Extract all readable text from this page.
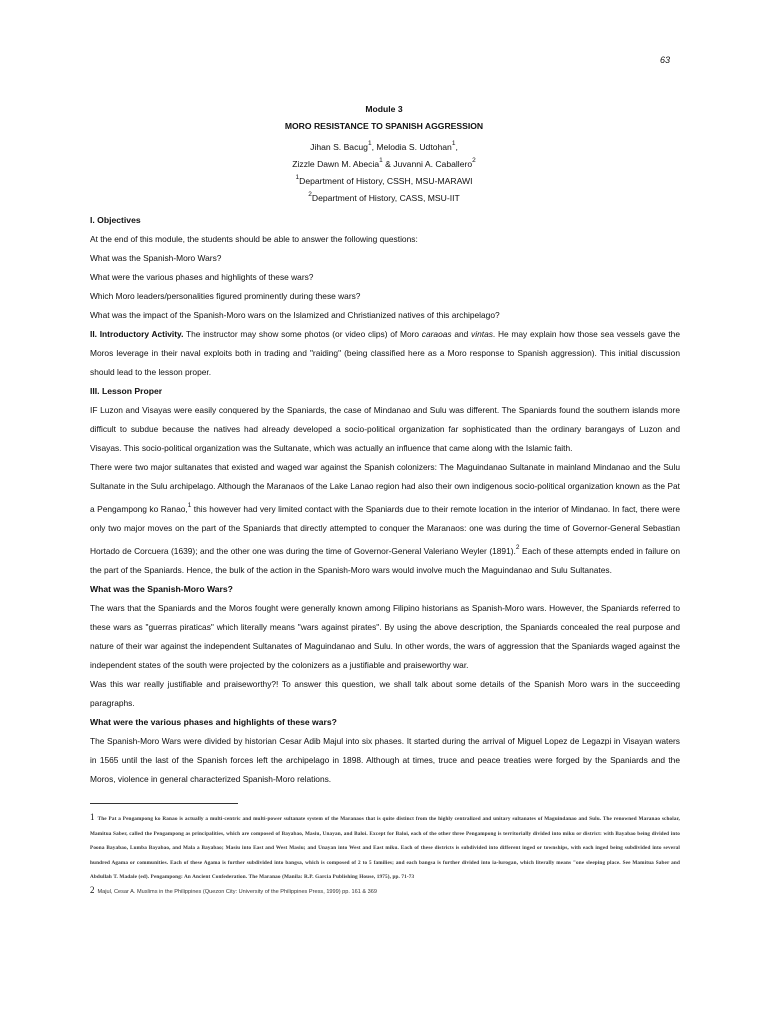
63
Module 3
MORO RESISTANCE TO SPANISH AGGRESSION
Jihan S. Bacug$^1$, Melodia S. Udtohan$^1$,
Zizzle Dawn M. Abecia$^1$ & Juvanni A. Caballero$^2$
$^1$Department of History, CSSH, MSU-MARAWI
$^2$Department of History, CASS, MSU-IIT
I. Objectives

At the end of this module, the students should be able to answer the following questions:

What was the Spanish-Moro Wars?

What were the various phases and highlights of these wars?

Which Moro leaders/personalities figured prominently during these wars?

What was the impact of the Spanish-Moro wars on the Islamized and Christianized natives of this archipelago?

II. Introductory Activity. The instructor may show some photos (or video clips) of Moro caraoas and vintas. He may explain how those sea vessels gave the Moros leverage in their naval exploits both in trading and "raiding" (being classified here as a Moro response to Spanish aggression). This initial discussion should lead to the lesson proper.

III. Lesson Proper

IF Luzon and Visayas were easily conquered by the Spaniards, the case of Mindanao and Sulu was different. The Spaniards found the southern islands more difficult to subdue because the natives had already developed a socio-political organization far sophisticated than the ordinary barangays of Luzon and Visayas. This socio-political organization was the Sultanate, which was actually an influence that came along with the Islamic faith.

There were two major sultanates that existed and waged war against the Spanish colonizers: The Maguindanao Sultanate in mainland Mindanao and the Sulu Sultanate in the Sulu archipelago. Although the Maranaos of the Lake Lanao region had also their own indigenous socio-political organization known as the Pat a Pengampong ko Ranao,$^1$ this however had very limited contact with the Spaniards due to their remote location in the interior of Mindanao. In fact, there were only two major moves on the part of the Spaniards that directly attempted to conquer the Maranaos: one was during the time of Governor-General Sebastian Hortado de Corcuera (1639); and the other one was during the time of Governor-General Valeriano Weyler (1891).$^2$ Each of these attempts ended in failure on the part of the Spaniards. Hence, the bulk of the action in the Spanish-Moro wars would involve much the Maguindanao and Sulu Sultanates.

What was the Spanish-Moro Wars?

The wars that the Spaniards and the Moros fought were generally known among Filipino historians as Spanish-Moro wars. However, the Spaniards referred to these wars as "guerras piraticas" which literally means "wars against pirates". By using the above description, the Spaniards concealed the real purpose and nature of their war against the independent Sultanates of Maguindanao and Sulu. In other words, the wars of aggression that the Spaniards waged against the independent states of the south were projected by the colonizers as a justifiable and praiseworthy war.

Was this war really justifiable and praiseworthy?! To answer this question, we shall talk about some details of the Spanish Moro wars in the succeeding paragraphs.

What were the various phases and highlights of these wars?

The Spanish-Moro Wars were divided by historian Cesar Adib Majul into six phases. It started during the arrival of Miguel Lopez de Legazpi in Visayan waters in 1565 until the last of the Spanish forces left the archipelago in 1898. Although at times, truce and peace treaties were forged by the Spaniards and the Moros, violence in general characterized Spanish-Moro relations.

1 The Pat a Pengampong ko Ranao is actually a multi-centric and multi-power sultanate system of the Maranaos that is quite distinct from the highly centralized and unitary sultanates of Maguindanao and Sulu. The renowned Maranao scholar, Mamitua Saber, called the Pengampong as principalities, which are composed of Bayabao, Masiu, Unayan, and Baloi. Except for Baloi, each of the other three Pengampong is territorially divided into miku or district: with Bayabao being divided into Poona Bayabao, Lumba Bayabao, and Mala a Bayabao; Masiu into East and West Masiu; and Unayan into West and East miku. Each of these districts is subdivided into different inged or townships, with each inged being subdivided into several hundred Agama or communities. Each of these Agama is further subdivided into bangsa, which is composed of 2 to 5 families; and each bangsa is further divided into ia-lurogan, which literally means "one sleeping place. See Mamitua Saber and Abdullah T. Madale (ed). Pengampong: An Ancient Confederation. The Maranao (Manila: R.P. Garcia Publishing House, 1975), pp. 71-73
2 Majul, Cesar A. Muslims in the Philippines (Quezon City: University of the Philippines Press, 1999) pp. 161 & 369
